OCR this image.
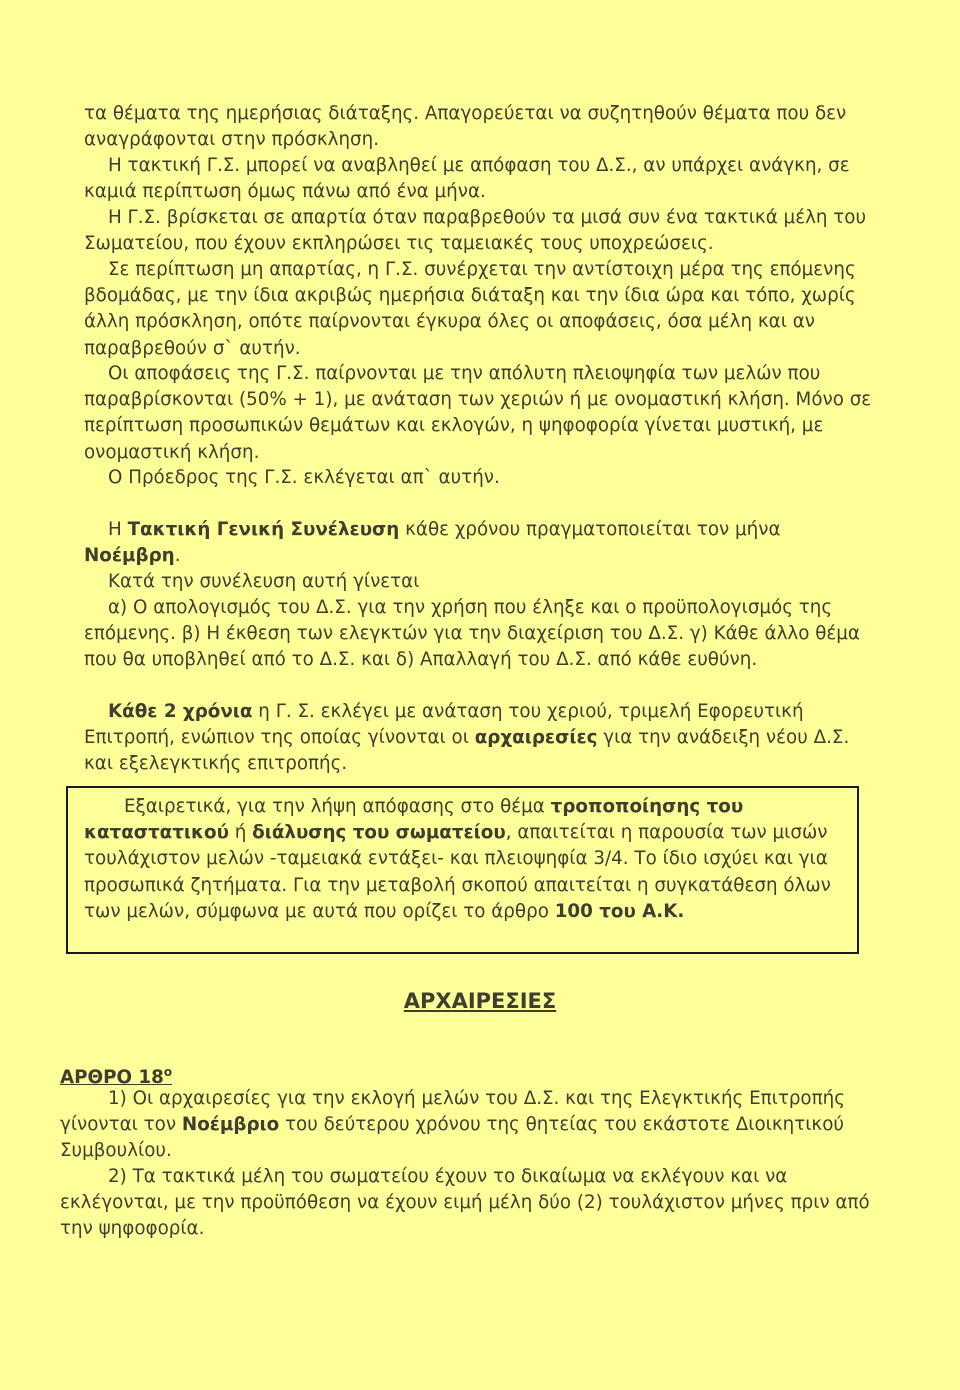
τα θέματα της ημερήσιας διάταξης. Απαγορεύεται να συζητηθούν θέματα που δεν αναγράφονται στην πρόσκληση.

Η τακτική Γ.Σ. μπορεί να αναβληθεί με απόφαση του Δ.Σ., αν υπάρχει ανάγκη, σε καμιά περίπτωση όμως πάνω από ένα μήνα.

Η Γ.Σ. βρίσκεται σε απαρτία όταν παραβρεθούν τα μισά συν ένα τακτικά μέλη του Σωματείου, που έχουν εκπληρώσει τις ταμειακές τους υποχρεώσεις.

Σε περίπτωση μη απαρτίας, η Γ.Σ. συνέρχεται την αντίστοιχη μέρα της επόμενης βδομάδας, με την ίδια ακριβώς ημερήσια διάταξη και την ίδια ώρα και τόπο, χωρίς άλλη πρόσκληση, οπότε παίρνονται έγκυρα όλες οι αποφάσεις, όσα μέλη και αν παραβρεθούν σ` αυτήν.

Οι αποφάσεις της Γ.Σ. παίρνονται με την απόλυτη πλειοψηφία των μελών που παραβρίσκονται (50% + 1), με ανάταση των χεριών ή με ονομαστική κλήση. Μόνο σε περίπτωση προσωπικών θεμάτων και εκλογών, η ψηφοφορία γίνεται μυστική, με ονομαστική κλήση.

Ο Πρόεδρος της Γ.Σ. εκλέγεται απ` αυτήν.

Η Τακτική Γενική Συνέλευση κάθε χρόνου πραγματοποιείται τον μήνα Νοέμβρη.

Κατά την συνέλευση αυτή γίνεται

α) Ο απολογισμός του Δ.Σ. για την χρήση που έληξε και ο προϋπολογισμός της επόμενης. β) Η έκθεση των ελεγκτών για την διαχείριση του Δ.Σ. γ) Κάθε άλλο θέμα που θα υποβληθεί από το Δ.Σ. και δ) Απαλλαγή του Δ.Σ. από κάθε ευθύνη.

Κάθε 2 χρόνια η Γ. Σ. εκλέγει με ανάταση του χεριού, τριμελή Εφορευτική Επιτροπή, ενώπιον της οποίας γίνονται οι αρχαιρεσίες για την ανάδειξη νέου Δ.Σ. και εξελεγκτικής επιτροπής.

Εξαιρετικά, για την λήψη απόφασης στο θέμα τροποποίησης του καταστατικού ή διάλυσης του σωματείου, απαιτείται η παρουσία των μισών τουλάχιστον μελών -ταμειακά εντάξει- και πλειοψηφία 3/4. Το ίδιο ισχύει και για προσωπικά ζητήματα. Για την μεταβολή σκοπού απαιτείται η συγκατάθεση όλων των μελών, σύμφωνα με αυτά που ορίζει το άρθρο 100 του Α.Κ.

ΑΡΧΑΙΡΕΣΙΕΣ

ΑΡΘΡΟ $18^o$

1) Οι αρχαιρεσίες για την εκλογή μελών του Δ.Σ. και της Ελεγκτικής Επιτροπής γίνονται τον Νοέμβριο του δεύτερου χρόνου της θητείας του εκάστοτε Διοικητικού Συμβουλίου.

2) Τα τακτικά μέλη του σωματείου έχουν το δικαίωμα να εκλέγουν και να εκλέγονται, με την προϋπόθεση να έχουν ειμή μέλη δύο (2) τουλάχιστον μήνες πριν από την ψηφοφορία.
